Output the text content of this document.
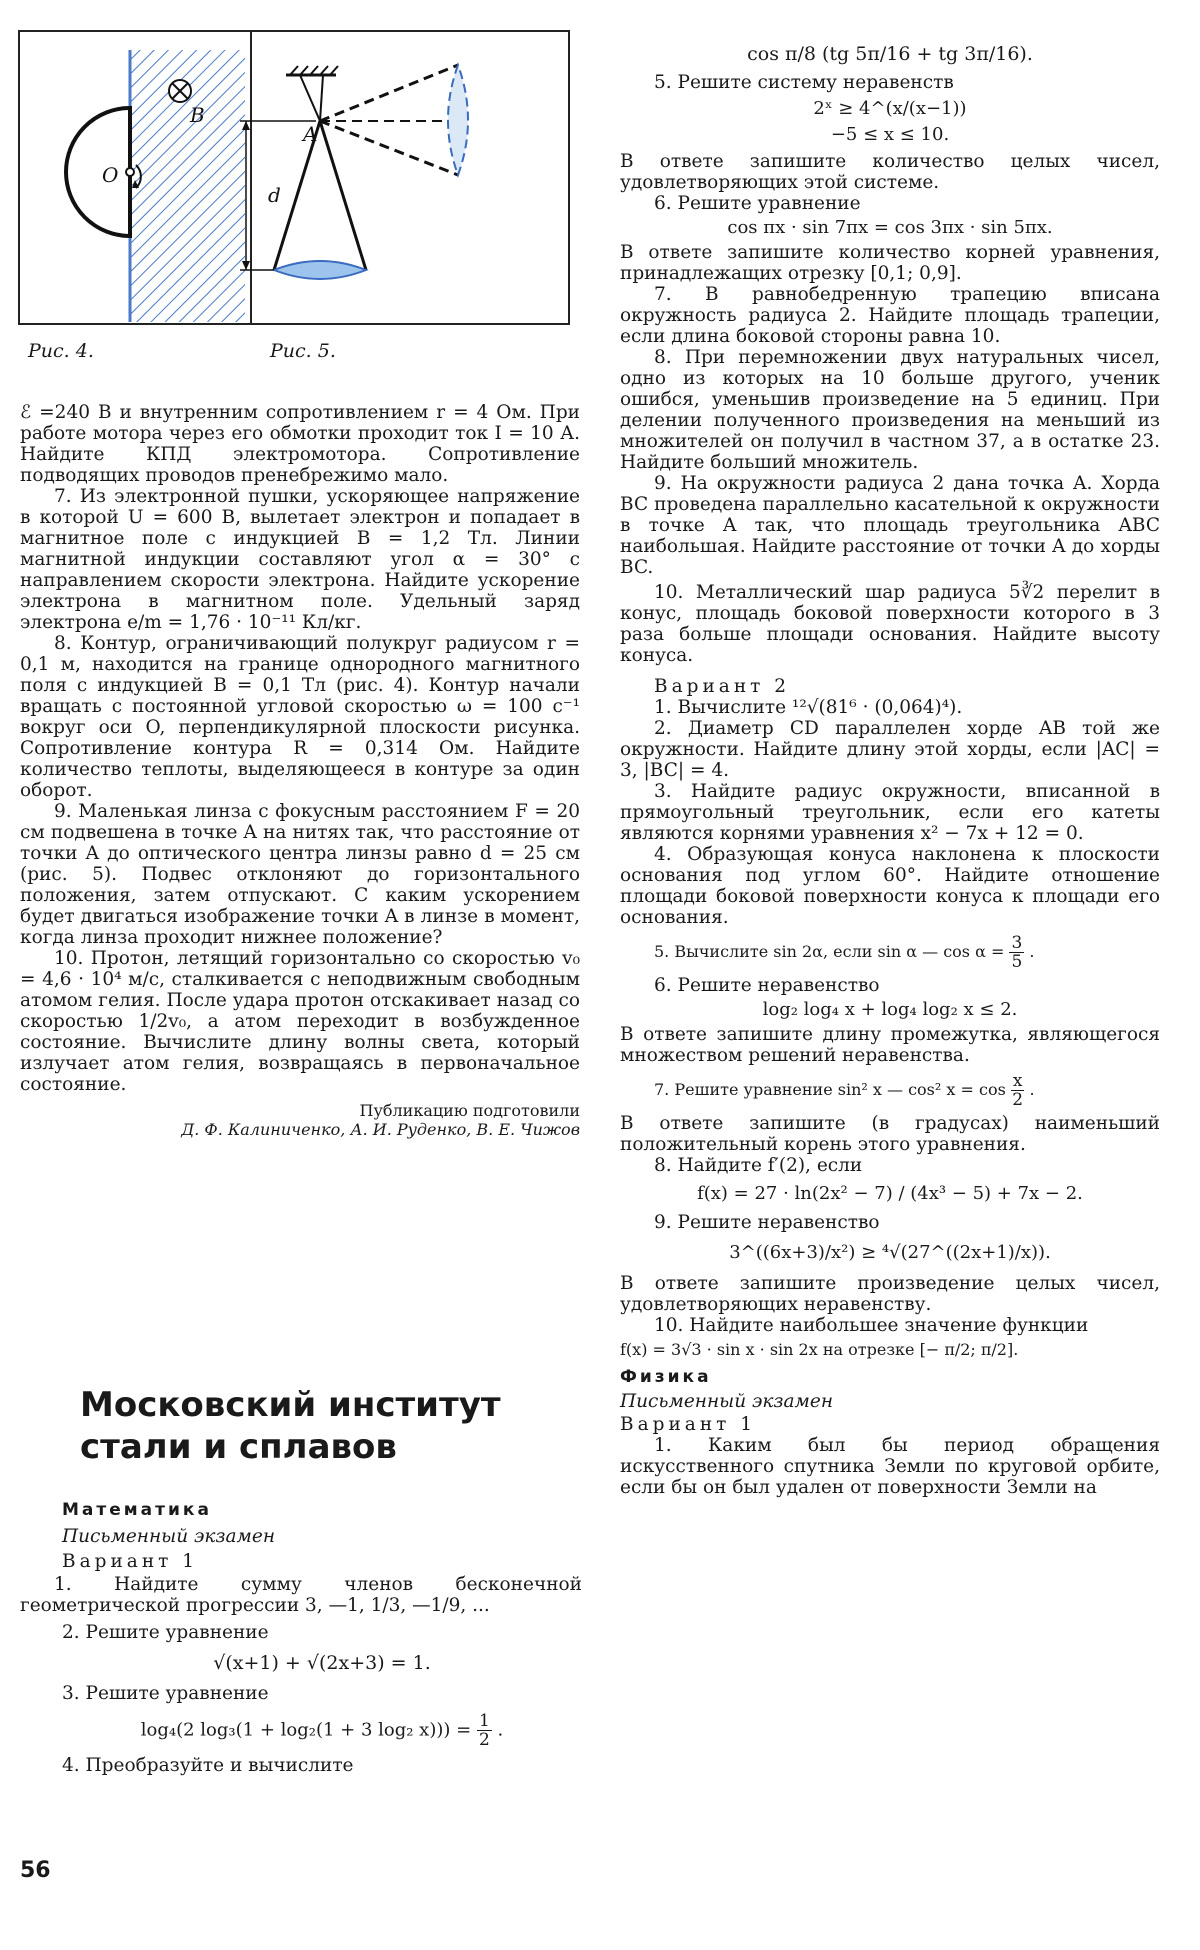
B
O
A
d
Рис. 4.	Рис. 5.

ℰ =240 В и внутренним сопротивлением r = 4 Ом. При работе мотора через его обмотки проходит ток I = 10 А. Найдите КПД электромотора. Сопротивление подводящих проводов пренебрежимо мало.

7. Из электронной пушки, ускоряющее напряжение в которой U = 600 В, вылетает электрон и попадает в магнитное поле с индукцией B = 1,2 Тл. Линии магнитной индукции составляют угол α = 30° с направлением скорости электрона. Найдите ускорение электрона в магнитном поле. Удельный заряд электрона e/m = 1,76 · 10⁻¹¹ Кл/кг.

8. Контур, ограничивающий полукруг радиусом r = 0,1 м, находится на границе однородного магнитного поля с индукцией B = 0,1 Тл (рис. 4). Контур начали вращать с постоянной угловой скоростью ω = 100 с⁻¹ вокруг оси O, перпендикулярной плоскости рисунка. Сопротивление контура R = 0,314 Ом. Найдите количество теплоты, выделяющееся в контуре за один оборот.

9. Маленькая линза с фокусным расстоянием F = 20 см подвешена в точке A на нитях так, что расстояние от точки A до оптического центра линзы равно d = 25 см (рис. 5). Подвес отклоняют до горизонтального положения, затем отпускают. С каким ускорением будет двигаться изображение точки A в линзе в момент, когда линза проходит нижнее положение?

10. Протон, летящий горизонтально со скоростью v₀ = 4,6 · 10⁴ м/с, сталкивается с неподвижным свободным атомом гелия. После удара протон отскакивает назад со скоростью 1/2v₀, а атом переходит в возбужденное состояние. Вычислите длину волны света, который излучает атом гелия, возвращаясь в первоначальное состояние.

Публикацию подготовили
Д. Ф. Калиниченко, А. И. Руденко, В. Е. Чижов
Московский институт
стали и сплавов
Математика
Письменный экзамен
Вариант 1

1. Найдите сумму членов бесконечной геометрической прогрессии 3, —1, 1/3, —1/9, ...

2. Решите уравнение
√(x+1) + √(2x+3) = 1.
3. Решите уравнение
log₄(2 log₃(1 + log₂(1 + 3 log₂ $x))) = \frac{1}{2}$ .
4. Преобразуйте и вычислите
56
cos π/8 (tg 5π/16 + tg 3π/16).

5. Решите систему неравенств

2ˣ ≥ 4^(x/(x−1))
−5 ≤ x ≤ 10.

В ответе запишите количество целых чисел, удовлетворяющих этой системе.

6. Решите уравнение

cos πx · sin 7πx = cos 3πx · sin 5πx.

В ответе запишите количество корней уравнения, принадлежащих отрезку [0,1; 0,9].

7. В равнобедренную трапецию вписана окружность радиуса 2. Найдите площадь трапеции, если длина боковой стороны равна 10.

8. При перемножении двух натуральных чисел, одно из которых на 10 больше другого, ученик ошибся, уменьшив произведение на 5 единиц. При делении полученного произведения на меньший из множителей он получил в частном 37, а в остатке 23. Найдите больший множитель.

9. На окружности радиуса 2 дана точка A. Хорда BC проведена параллельно касательной к окружности в точке A так, что площадь треугольника ABC наибольшая. Найдите расстояние от точки A до хорды BC.

10. Металлический шар радиуса 5∛2 перелит в конус, площадь боковой поверхности которого в 3 раза больше площади основания. Найдите высоту конуса.

Вариант 2

1. Вычислите ¹²√(81⁶ · (0,064)⁴).

2. Диаметр CD параллелен хорде AB той же окружности. Найдите длину этой хорды, если |AC| = 3, |BC| = 4.

3. Найдите радиус окружности, вписанной в прямоугольный треугольник, если его катеты являются корнями уравнения x² − 7x + 12 = 0.

4. Образующая конуса наклонена к плоскости основания под углом 60°. Найдите отношение площади боковой поверхности конуса к площади его основания.

5. Вычислите sin 2α, если sin α — $\cos \alpha = \frac{3}{5}$ .

6. Решите неравенство

log₂ log₄ x + log₄ log₂ x ≤ 2.

В ответе запишите длину промежутка, являющегося множеством решений неравенства.

7. Решите уравнение sin² x — cos² $x = \cos \frac{x}{2}$ .

В ответе запишите (в градусах) наименьший положительный корень этого уравнения.

8. Найдите f′(2), если

f(x) = 27 · ln(2x² − 7) / (4x³ − 5) + 7x − 2.

9. Решите неравенство

3^((6x+3)/x²) ≥ ⁴√(27^((2x+1)/x)).

В ответе запишите произведение целых чисел, удовлетворяющих неравенству.

10. Найдите наибольшее значение функции

f(x) = 3√3 · sin x · sin 2x на отрезке [− π/2; π/2].
Физика
Письменный экзамен
Вариант 1

1. Каким был бы период обращения искусственного спутника Земли по круговой орбите, если бы он был удален от поверхности Земли на
